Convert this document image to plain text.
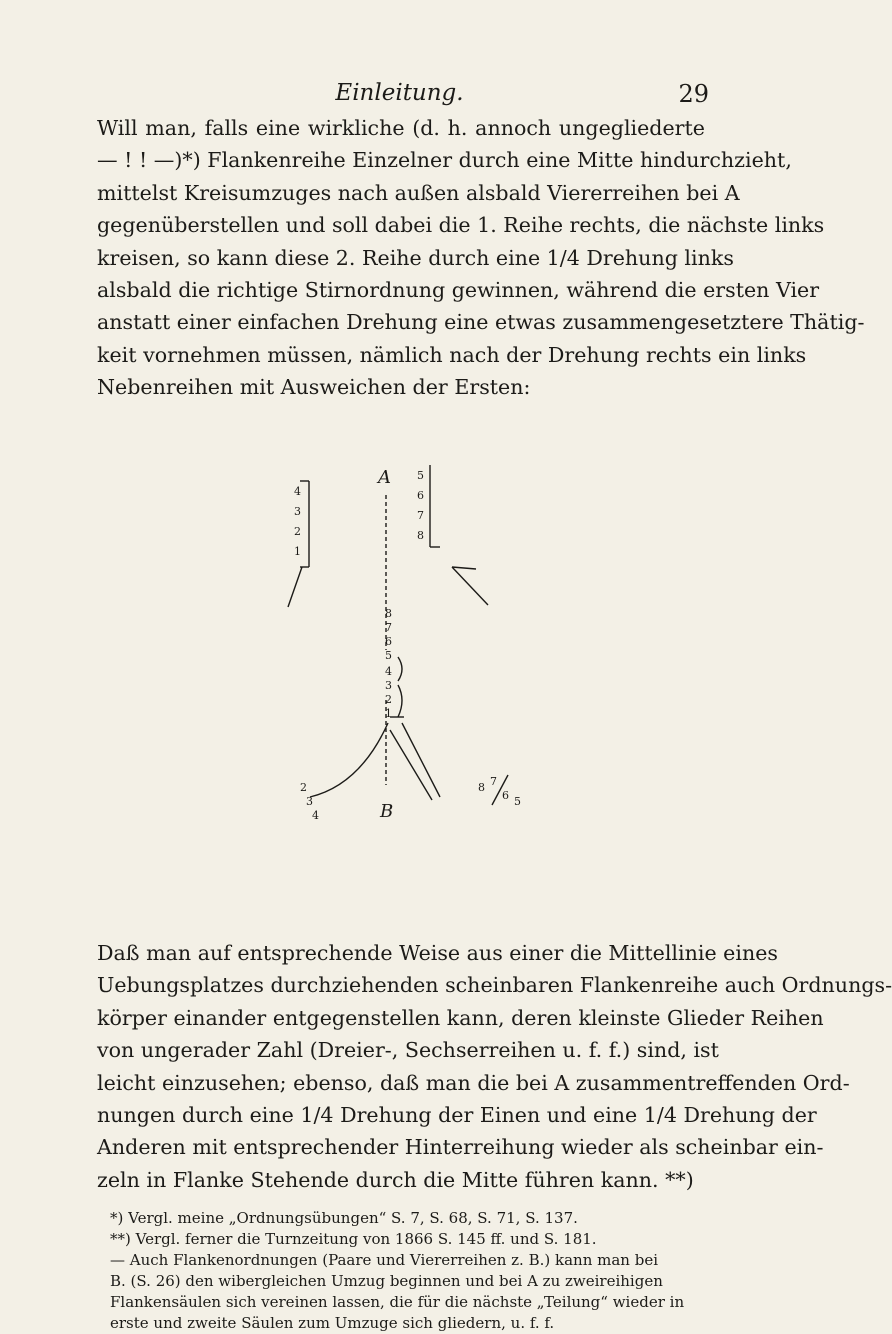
Einleitung.	29
Will man, falls eine wirkliche (d. h. annoch ungegliederte
— ! ! —)*) Flankenreihe Einzelner durch eine Mitte hindurchzieht,
mittelst Kreisumzuges nach außen alsbald Viererreihen bei A
gegenüberstellen und soll dabei die 1. Reihe rechts, die nächste links
kreisen, so kann diese 2. Reihe durch eine 1/4 Drehung links
alsbald die richtige Stirnordnung gewinnen, während die ersten Vier
anstatt einer einfachen Drehung eine etwas zusammengesetztere Thätig-
keit vornehmen müssen, nämlich nach der Drehung rechts ein links
Nebenreihen mit Ausweichen der Ersten:
A
B
4
3
2
1
5
6
7
8
8
7
6
5
4
3
2
1
2
3
4
8 7
6 5
Daß man auf entsprechende Weise aus einer die Mittellinie eines
Uebungsplatzes durchziehenden scheinbaren Flankenreihe auch Ordnungs-
körper einander entgegenstellen kann, deren kleinste Glieder Reihen
von ungerader Zahl (Dreier-, Sechserreihen u. f. f.) sind, ist
leicht einzusehen; ebenso, daß man die bei A zusammentreffenden Ord-
nungen durch eine 1/4 Drehung der Einen und eine 1/4 Drehung der
Anderen mit entsprechender Hinterreihung wieder als scheinbar ein-
zeln in Flanke Stehende durch die Mitte führen kann. **)
*) Vergl. meine „Ordnungsübungen“ S. 7, S. 68, S. 71, S. 137.
**) Vergl. ferner die Turnzeitung von 1866 S. 145 ff. und S. 181.
— Auch Flankenordnungen (Paare und Viererreihen z. B.) kann man bei
B. (S. 26) den wibergleichen Umzug beginnen und bei A zu zweireihigen
Flankensäulen sich vereinen lassen, die für die nächste „Teilung“ wieder in
erste und zweite Säulen zum Umzuge sich gliedern, u. f. f.
